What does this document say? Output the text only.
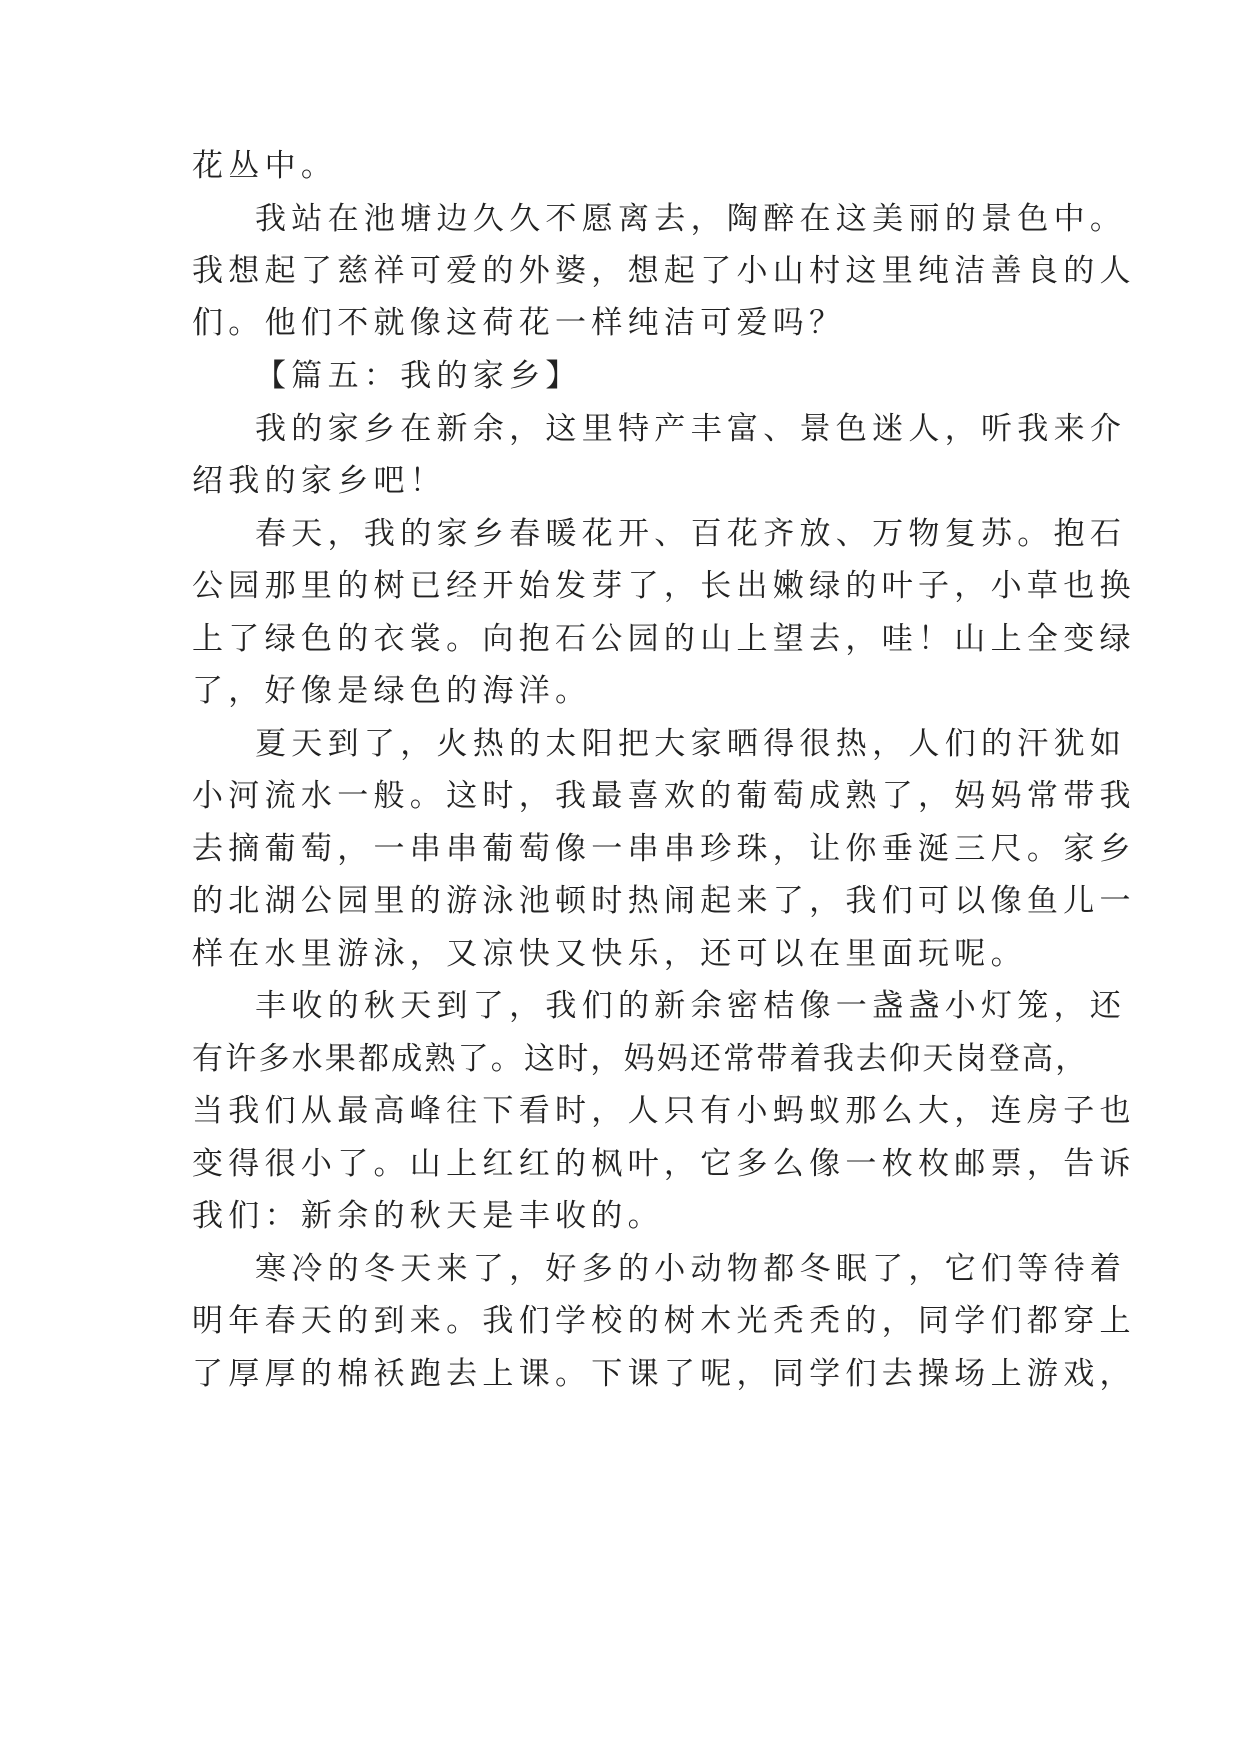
花丛中。

我站在池塘边久久不愿离去，陶醉在这美丽的景色中。

我想起了慈祥可爱的外婆，想起了小山村这里纯洁善良的人

们。他们不就像这荷花一样纯洁可爱吗？

【篇五：我的家乡】

我的家乡在新余，这里特产丰富、景色迷人，听我来介

绍我的家乡吧！

春天，我的家乡春暖花开、百花齐放、万物复苏。抱石

公园那里的树已经开始发芽了，长出嫩绿的叶子，小草也换

上了绿色的衣裳。向抱石公园的山上望去，哇！山上全变绿

了，好像是绿色的海洋。

夏天到了，火热的太阳把大家晒得很热，人们的汗犹如

小河流水一般。这时，我最喜欢的葡萄成熟了，妈妈常带我

去摘葡萄，一串串葡萄像一串串珍珠，让你垂涎三尺。家乡

的北湖公园里的游泳池顿时热闹起来了，我们可以像鱼儿一

样在水里游泳，又凉快又快乐，还可以在里面玩呢。

丰收的秋天到了，我们的新余密桔像一盏盏小灯笼，还

有许多水果都成熟了。这时，妈妈还常带着我去仰天岗登高，

当我们从最高峰往下看时，人只有小蚂蚁那么大，连房子也

变得很小了。山上红红的枫叶，它多么像一枚枚邮票，告诉

我们：新余的秋天是丰收的。

寒冷的冬天来了，好多的小动物都冬眠了，它们等待着

明年春天的到来。我们学校的树木光秃秃的，同学们都穿上

了厚厚的棉袄跑去上课。下课了呢，同学们去操场上游戏，
